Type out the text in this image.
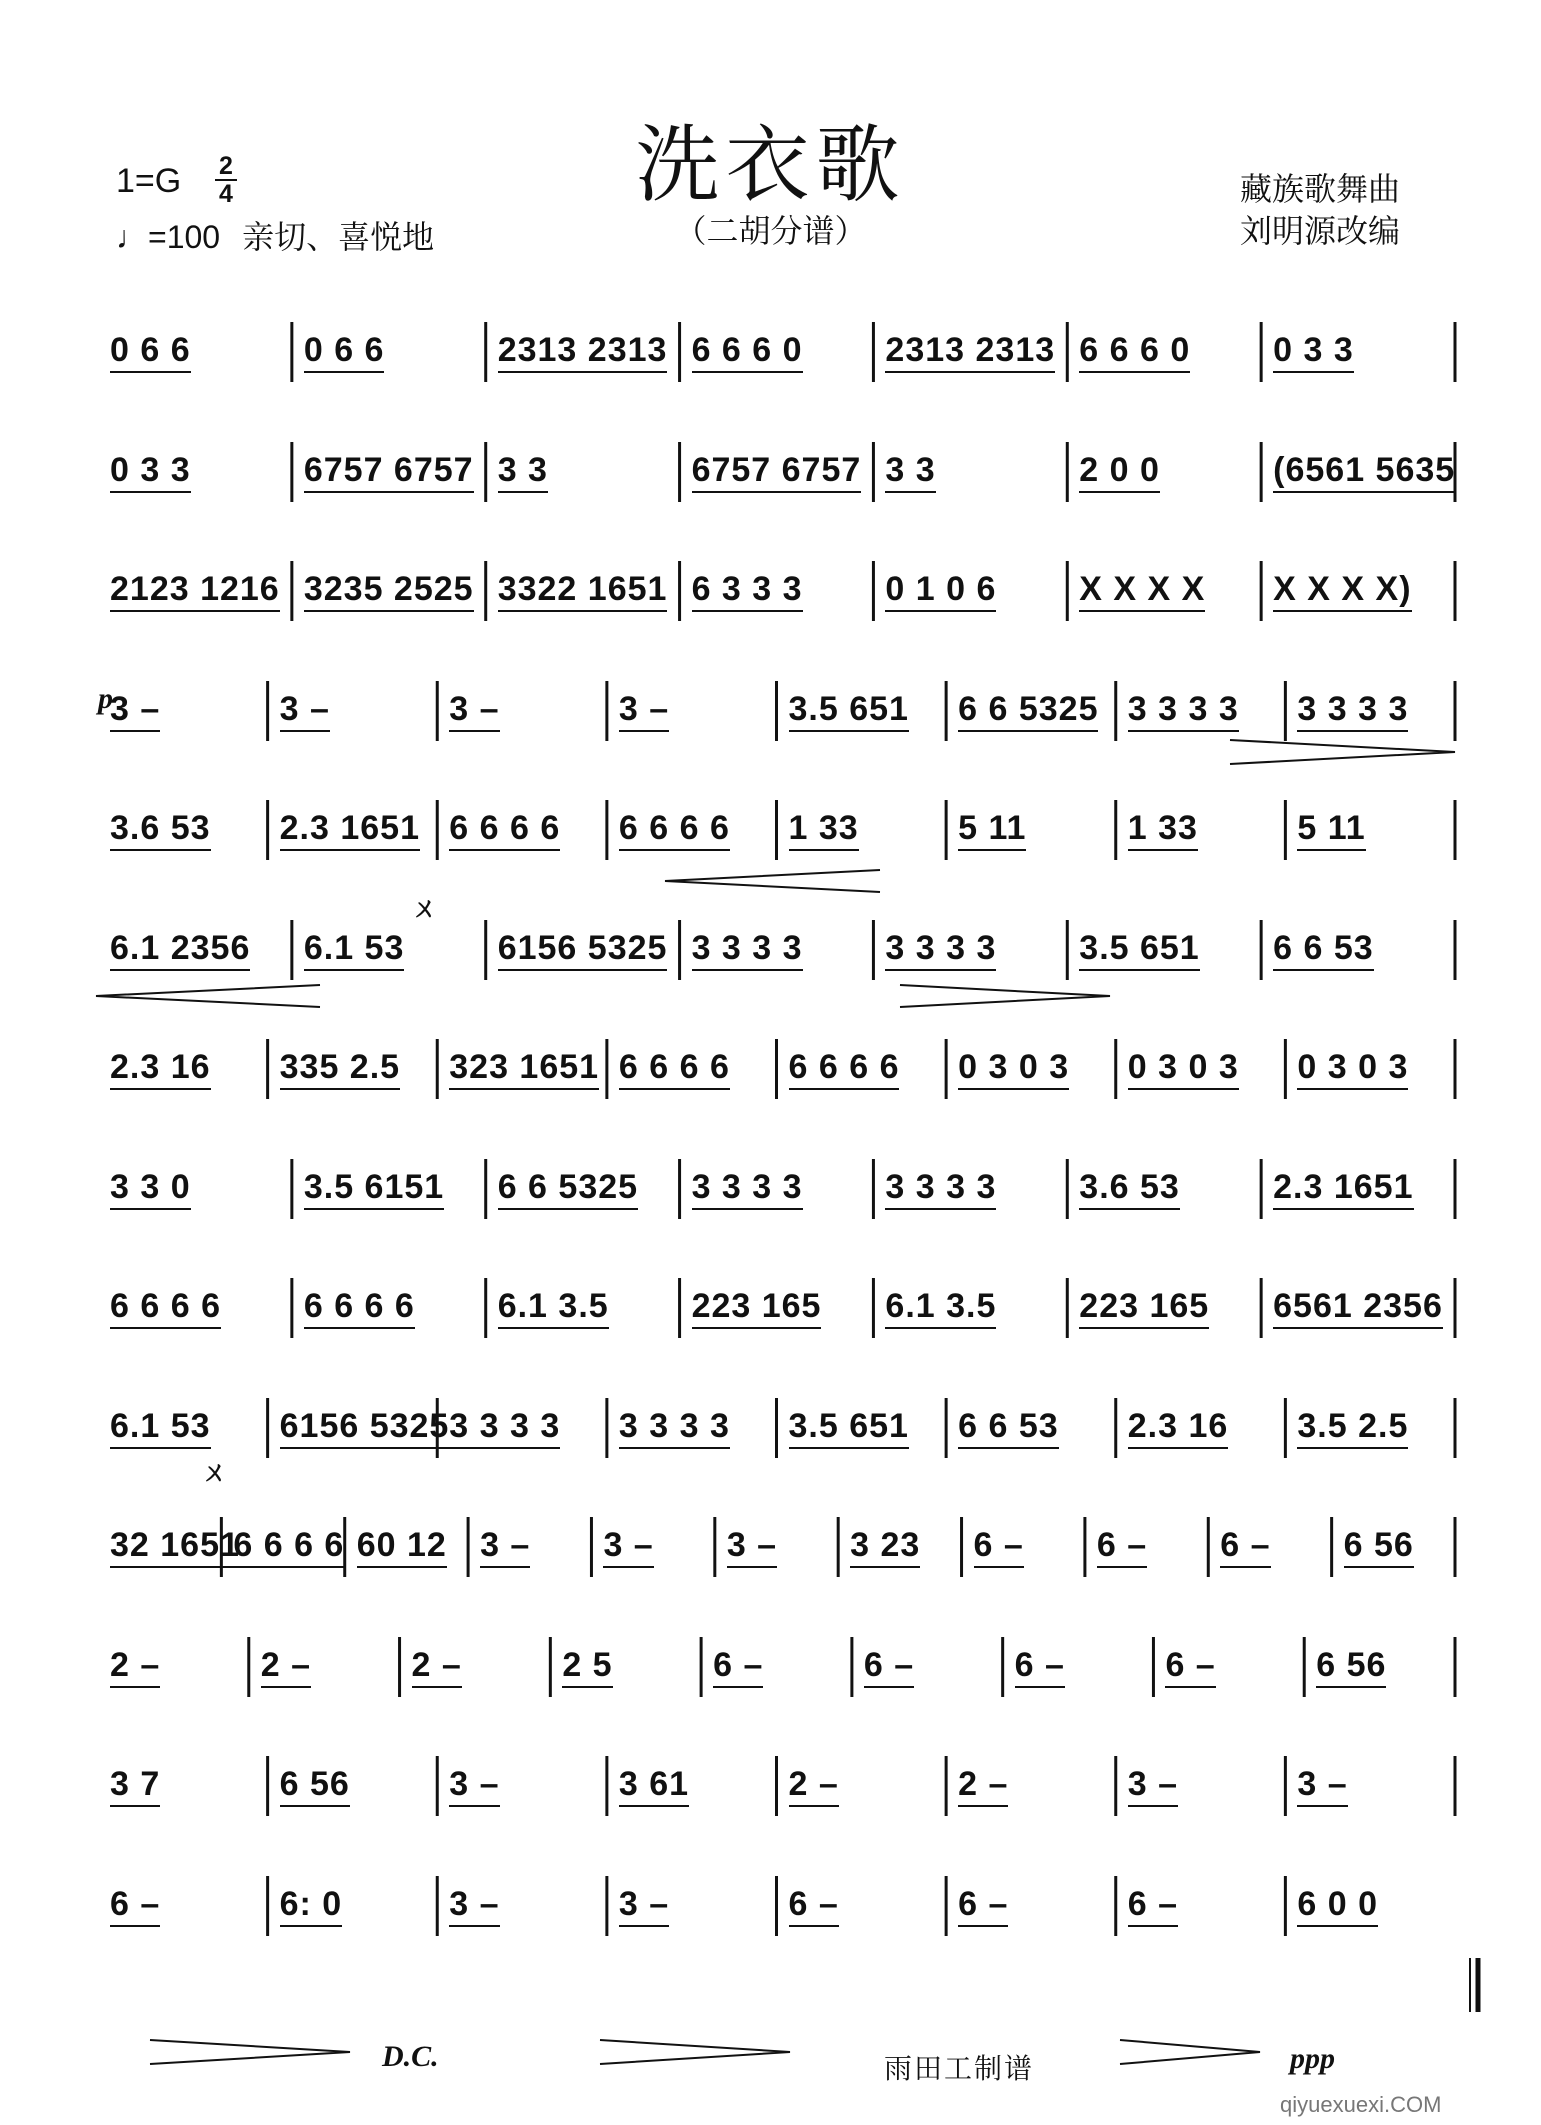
洗衣歌
（二胡分谱）
1=G 2
4
♩=100 亲切、喜悦地
藏族歌舞曲
刘明源改编
0 6 6	0 6 6	2313 2313 6 6 6 0	2313 2313 6 6 6 0	0 3 3
0 3 3	6757 6757 3 3	6757 6757 3 3	2 0 0	(6561 5635
2123 1216 3235 2525 3322 1651 6 3 3 3	0 1 0 6	X X X X	X X X X)
3 –	3 –	3 –	3 –	3.5 651	6 6 5325 3 3 3 3	3 3 3 3
3.6 53	2.3 1651 6 6 6 6	6 6 6 6	1 33	5 11	1 33	5 11
6.1 2356	6.1 53	6156 5325 3 3 3 3	3 3 3 3	3.5 651	6 6 53
2.3 16	335 2.5	323 1651 6 6 6 6	6 6 6 6	0 3 0 3	0 3 0 3	0 3 0 3
3 3 0	3.5 6151	6 6 5325	3 3 3 3	3 3 3 3	3.6 53	2.3 1651
6 6 6 6	6 6 6 6	6.1 3.5	223 165	6.1 3.5	223 165	6561 2356
6.1 53	6156 5325 3 3 3 3	3 3 3 3	3.5 651	6 6 53	2.3 16	3.5 2.5
32 1651
6 6 6 6 60 12 3 –	3 –	3 –	3 23	6 –	6 –	6 –	6 56
2 –	2 –	2 –	2 5	6 –	6 –	6 –	6 –	6 56
3 7	6 56	3 –	3 61	2 –	2 –	3 –	3 –
6 –	6: 0	3 –	3 –	6 –	6 –	6 –	6 0 0
p
D.C.	ppp
ㄨ
ㄨ
雨田工制谱
qiyuexuexi.COM
